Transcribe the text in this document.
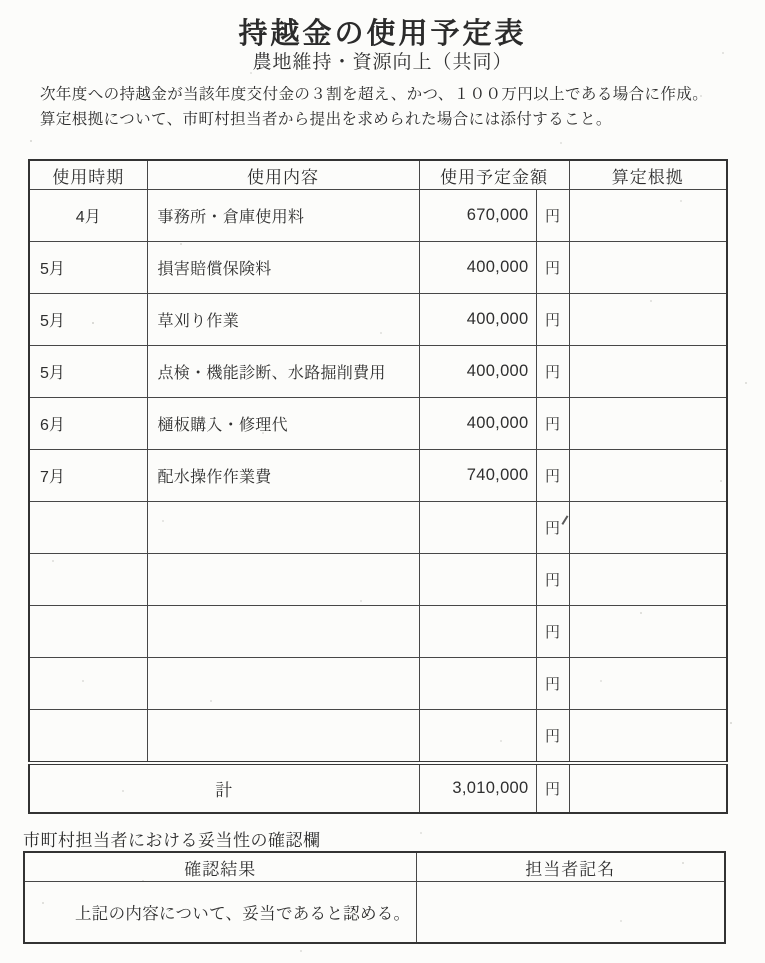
持越金の使用予定表
農地維持・資源向上（共同）
次年度への持越金が当該年度交付金の３割を超え、かつ、１００万円以上である場合に作成。
算定根拠について、市町村担当者から提出を求められた場合には添付すること。
使用時期	使用内容	使用予定金額		算定根拠
4月	事務所・倉庫使用料	670,000	円	
5月	損害賠償保険料	400,000	円	
5月	草刈り作業	400,000	円	
5月	点検・機能診断、水路掘削費用	400,000	円	
6月	樋板購入・修理代	400,000	円	
7月	配水操作作業費	740,000	円	
			円	
			円	
			円	
			円	
			円	
計		3,010,000	円	
市町村担当者における妥当性の確認欄
確認結果	担当者記名
上記の内容について、妥当であると認める。	
